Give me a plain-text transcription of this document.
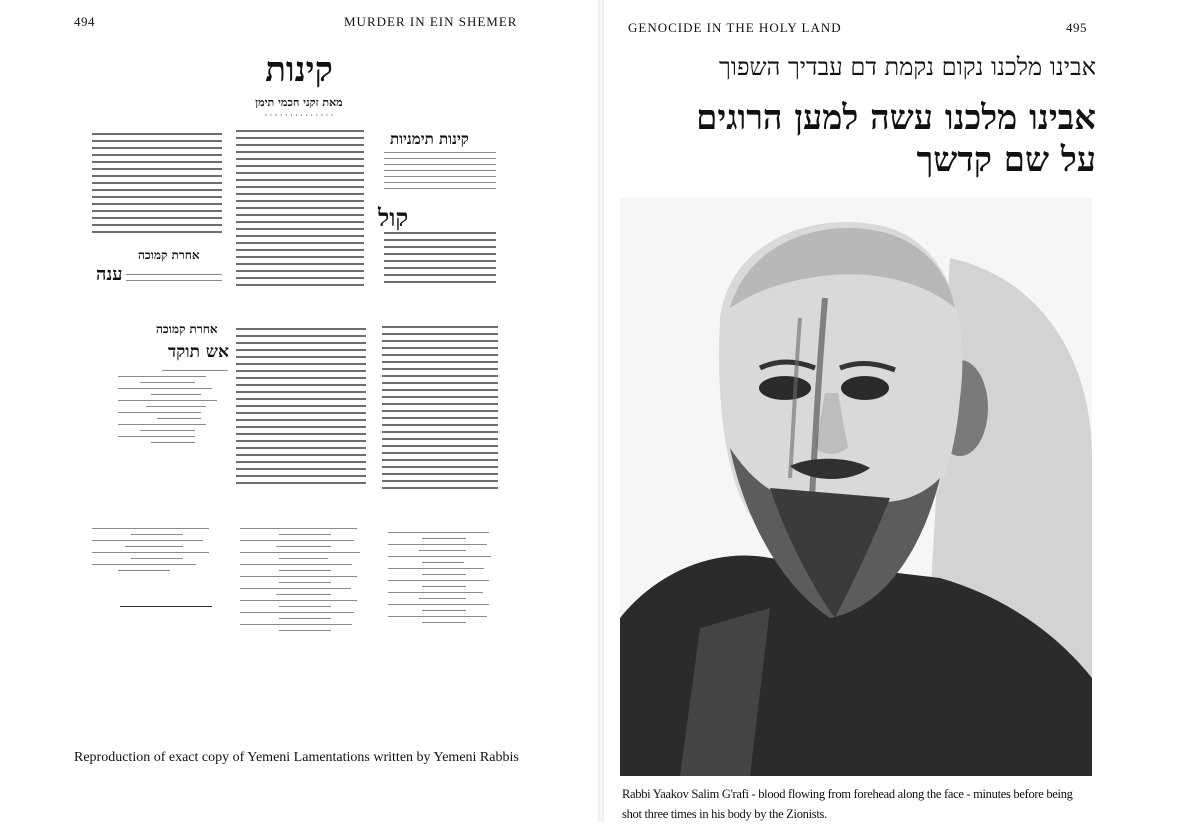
494	MURDER IN EIN SHEMER
קינות
מאת זקני חכמי תימן
· · · · · · · · · · · · · ·
קינות תימניות
קול
אחרת קמוכה
ענה
אחרת קמוכה
אש תוקד
Reproduction of exact copy of Yemeni Lamentations written by Yemeni Rabbis
GENOCIDE IN THE HOLY LAND	495
אבינו מלכנו נקום נקמת דם עבדיך השפוך
אבינו מלכנו עשה למען הרוגים
על שם קדשך
Rabbi Yaakov Salim G'rafi - blood flowing from forehead along the face - minutes before being shot three times in his body by the Zionists.
